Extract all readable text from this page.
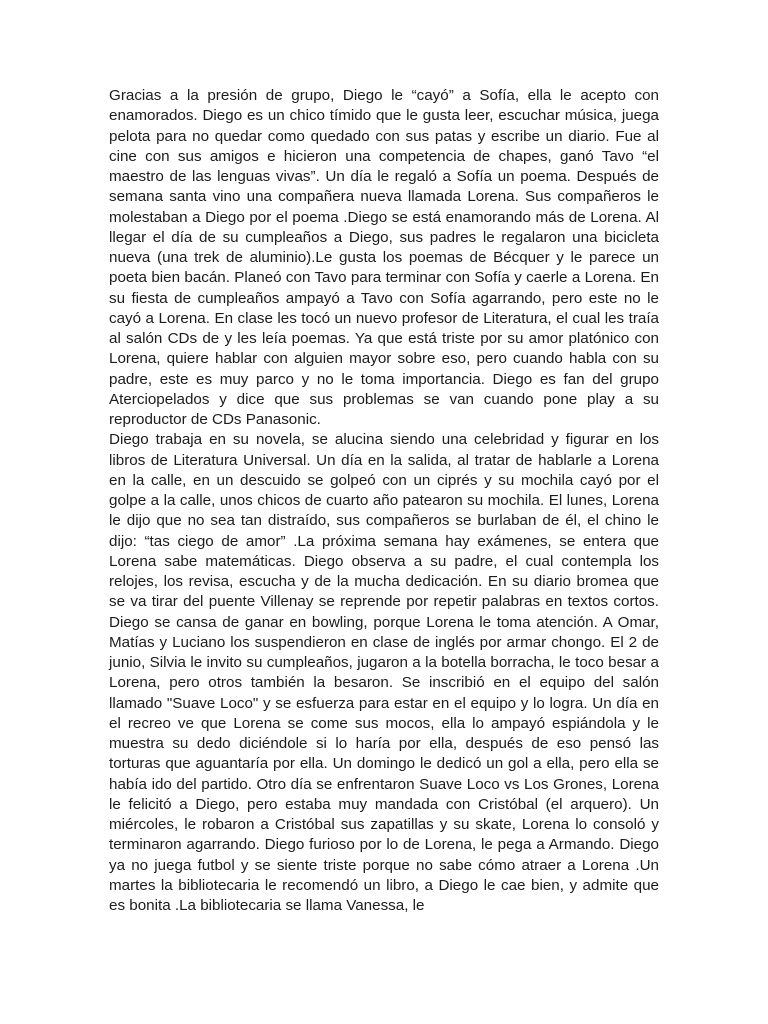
Gracias a la presión de grupo, Diego le “cayó” a Sofía, ella le acepto con enamorados. Diego es un chico tímido que le gusta leer, escuchar música, juega pelota para no quedar como quedado con sus patas y escribe un diario. Fue al cine con sus amigos e hicieron una competencia de chapes, ganó Tavo “el maestro de las lenguas vivas”. Un día le regaló a Sofía un poema. Después de semana santa vino una compañera nueva llamada Lorena. Sus compañeros le molestaban a Diego por el poema .Diego se está enamorando más de Lorena. Al llegar el día de su cumpleaños a Diego, sus padres le regalaron una bicicleta nueva (una trek de aluminio).Le gusta los poemas de Bécquer y le parece un poeta bien bacán. Planeó con Tavo para terminar con Sofía y caerle a Lorena. En su fiesta de cumpleaños ampayó a Tavo con Sofía agarrando, pero este no le cayó a Lorena. En clase les tocó un nuevo profesor de Literatura, el cual les traía al salón CDs de y les leía poemas. Ya que está triste por su amor platónico con Lorena, quiere hablar con alguien mayor sobre eso, pero cuando habla con su padre, este es muy parco y no le toma importancia. Diego es fan del grupo Aterciopelados y dice que sus problemas se van cuando pone play a su reproductor de CDs Panasonic.

Diego trabaja en su novela, se alucina siendo una celebridad y figurar en los libros de Literatura Universal. Un día en la salida, al tratar de hablarle a Lorena en la calle, en un descuido se golpeó con un ciprés y su mochila cayó por el golpe a la calle, unos chicos de cuarto año patearon su mochila. El lunes, Lorena le dijo que no sea tan distraído, sus compañeros se burlaban de él, el chino le dijo: “tas ciego de amor” .La próxima semana hay exámenes, se entera que Lorena sabe matemáticas. Diego observa a su padre, el cual contempla los relojes, los revisa, escucha y de la mucha dedicación. En su diario bromea que se va tirar del puente Villenay se reprende por repetir palabras en textos cortos. Diego se cansa de ganar en bowling, porque Lorena le toma atención. A Omar, Matías y Luciano los suspendieron en clase de inglés por armar chongo. El 2 de junio, Silvia le invito su cumpleaños, jugaron a la botella borracha, le toco besar a Lorena, pero otros también la besaron. Se inscribió en el equipo del salón llamado "Suave Loco" y se esfuerza para estar en el equipo y lo logra. Un día en el recreo ve que Lorena se come sus mocos, ella lo ampayó espiándola y le muestra su dedo diciéndole si lo haría por ella, después de eso pensó las torturas que aguantaría por ella. Un domingo le dedicó un gol a ella, pero ella se había ido del partido. Otro día se enfrentaron Suave Loco vs Los Grones, Lorena le felicitó a Diego, pero estaba muy mandada con Cristóbal (el arquero). Un miércoles, le robaron a Cristóbal sus zapatillas y su skate, Lorena lo consoló y terminaron agarrando. Diego furioso por lo de Lorena, le pega a Armando. Diego ya no juega futbol y se siente triste porque no sabe cómo atraer a Lorena .Un martes la bibliotecaria le recomendó un libro, a Diego le cae bien, y admite que es bonita .La bibliotecaria se llama Vanessa, le
